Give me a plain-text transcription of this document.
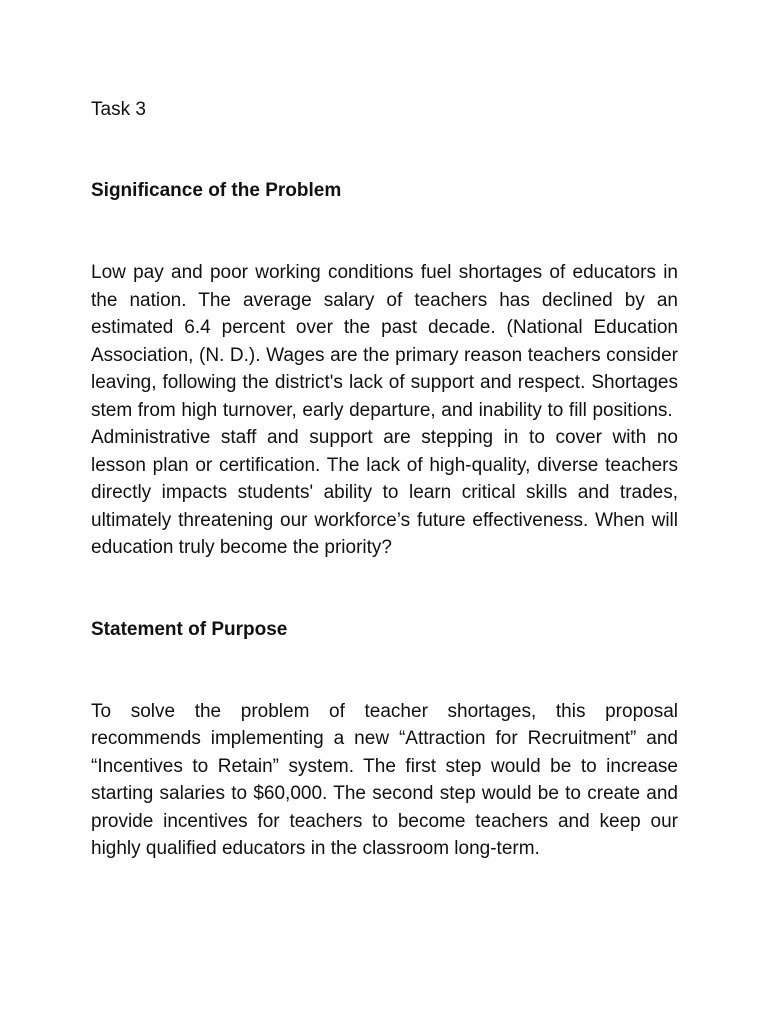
Task 3

Significance of the Problem

Low pay and poor working conditions fuel shortages of educators in the nation. The average salary of teachers has declined by an estimated 6.4 percent over the past decade. (National Education Association, (N. D.). Wages are the primary reason teachers consider leaving, following the district's lack of support and respect. Shortages stem from high turnover, early departure, and inability to fill positions.  Administrative staff and support are stepping in to cover with no lesson plan or certification. The lack of high-quality, diverse teachers directly impacts students' ability to learn critical skills and trades, ultimately threatening our workforce’s future effectiveness. When will education truly become the priority?

Statement of Purpose

To solve the problem of teacher shortages, this proposal recommends implementing a new “Attraction for Recruitment” and “Incentives to Retain” system. The first step would be to increase starting salaries to $60,000. The second step would be to create and provide incentives for teachers to become teachers and keep our highly qualified educators in the classroom long-term.
